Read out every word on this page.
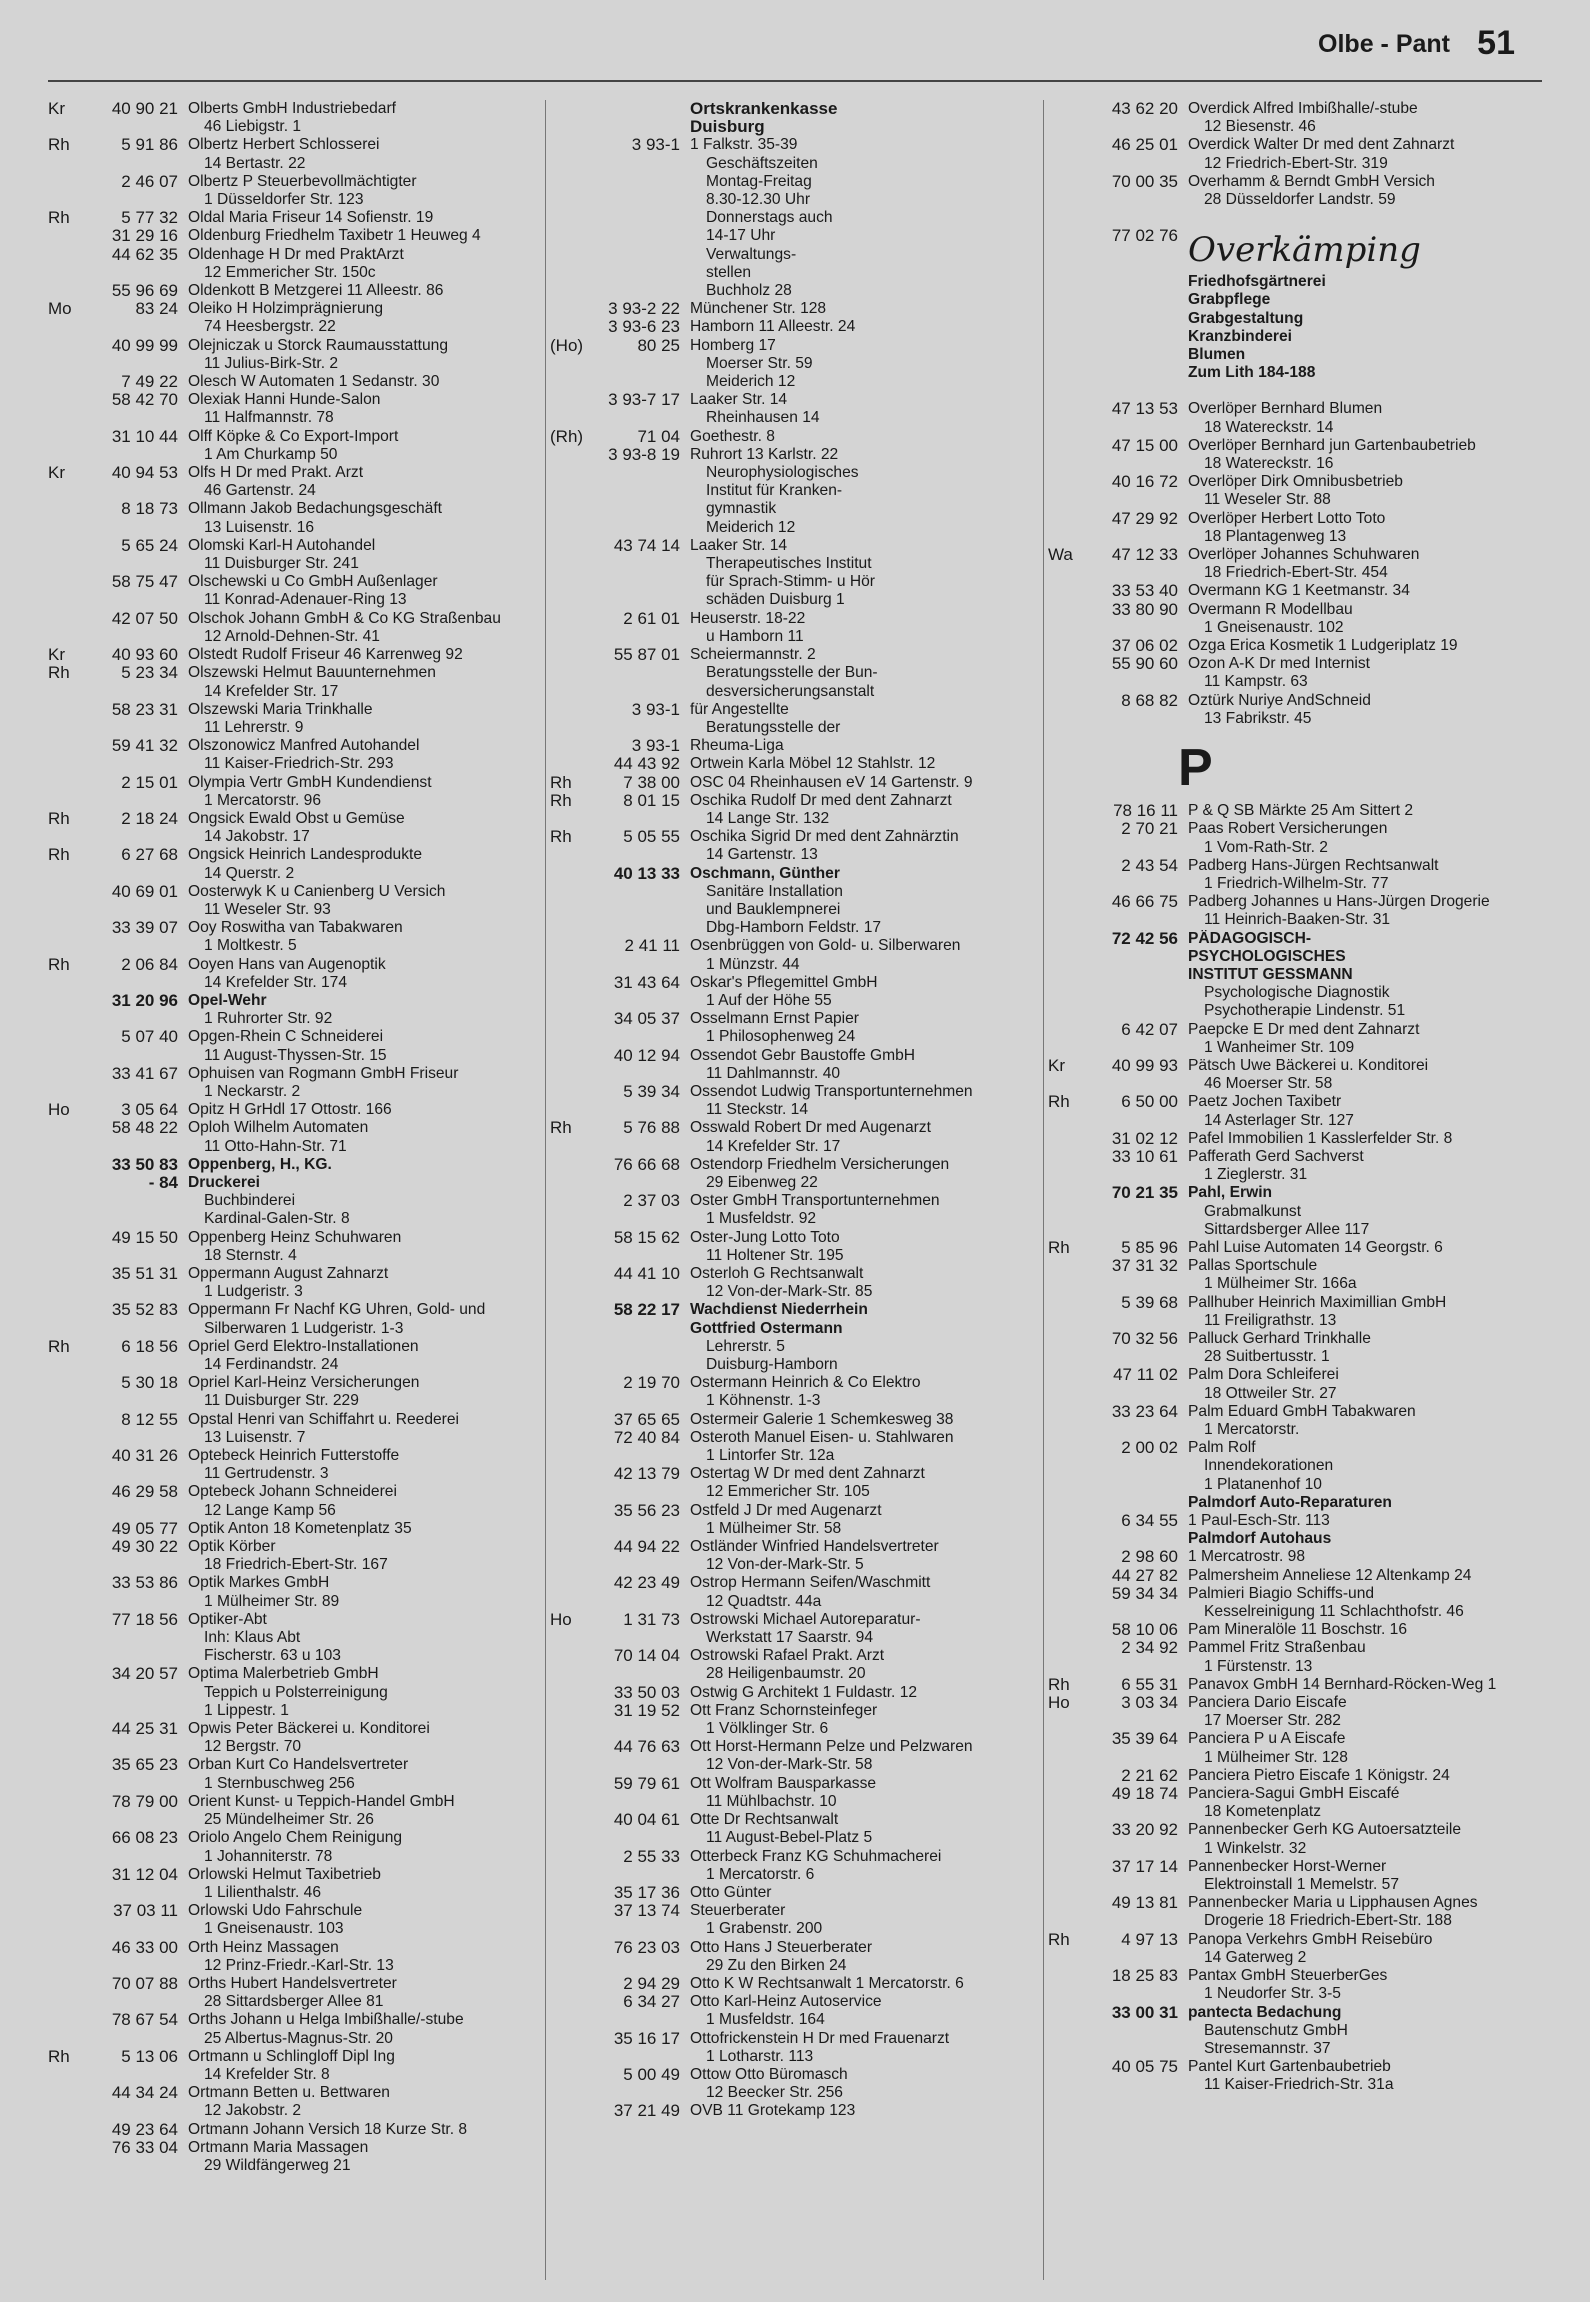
Olbe - Pant 51
Kr	40 90 21 Olberts GmbH Industriebedarf
46 Liebigstr. 1
Rh	5 91 86 Olbertz Herbert Schlosserei
14 Bertastr. 22
2 46 07 Olbertz P Steuerbevollmächtigter
1 Düsseldorfer Str. 123
Rh	5 77 32 Oldal Maria Friseur 14 Sofienstr. 19
31 29 16 Oldenburg Friedhelm Taxibetr 1 Heuweg 4
44 62 35 Oldenhage H Dr med PraktArzt
12 Emmericher Str. 150c
55 96 69 Oldenkott B Metzgerei 11 Alleestr. 86
Mo	83 24 Oleiko H Holzimprägnierung
74 Heesbergstr. 22
40 99 99 Olejniczak u Storck Raumausstattung
11 Julius-Birk-Str. 2
7 49 22 Olesch W Automaten 1 Sedanstr. 30
58 42 70 Olexiak Hanni Hunde-Salon
11 Halfmannstr. 78
31 10 44 Olff Köpke & Co Export-Import
1 Am Churkamp 50
Kr	40 94 53 Olfs H Dr med Prakt. Arzt
46 Gartenstr. 24
8 18 73 Ollmann Jakob Bedachungsgeschäft
13 Luisenstr. 16
5 65 24 Olomski Karl-H Autohandel
11 Duisburger Str. 241
58 75 47 Olschewski u Co GmbH Außenlager
11 Konrad-Adenauer-Ring 13
42 07 50 Olschok Johann GmbH & Co KG Straßenbau
12 Arnold-Dehnen-Str. 41
Kr	40 93 60 Olstedt Rudolf Friseur 46 Karrenweg 92
Rh	5 23 34 Olszewski Helmut Bauunternehmen
14 Krefelder Str. 17
58 23 31 Olszewski Maria Trinkhalle
11 Lehrerstr. 9
59 41 32 Olszonowicz Manfred Autohandel
11 Kaiser-Friedrich-Str. 293
2 15 01 Olympia Vertr GmbH Kundendienst
1 Mercatorstr. 96
Rh	2 18 24 Ongsick Ewald Obst u Gemüse
14 Jakobstr. 17
Rh	6 27 68 Ongsick Heinrich Landesprodukte
14 Querstr. 2
40 69 01 Oosterwyk K u Canienberg U Versich
11 Weseler Str. 93
33 39 07 Ooy Roswitha van Tabakwaren
1 Moltkestr. 5
Rh	2 06 84 Ooyen Hans van Augenoptik
14 Krefelder Str. 174
31 20 96 Opel-Wehr
1 Ruhrorter Str. 92
5 07 40 Opgen-Rhein C Schneiderei
11 August-Thyssen-Str. 15
33 41 67 Ophuisen van Rogmann GmbH Friseur
1 Neckarstr. 2
Ho	3 05 64 Opitz H GrHdl 17 Ottostr. 166
58 48 22 Oploh Wilhelm Automaten
11 Otto-Hahn-Str. 71
33 50 83 Oppenberg, H., KG.
- 84 Druckerei
Buchbinderei
Kardinal-Galen-Str. 8
49 15 50 Oppenberg Heinz Schuhwaren
18 Sternstr. 4
35 51 31 Oppermann August Zahnarzt
1 Ludgeristr. 3
35 52 83 Oppermann Fr Nachf KG Uhren, Gold- und
Silberwaren 1 Ludgeristr. 1-3
Rh	6 18 56 Opriel Gerd Elektro-Installationen
14 Ferdinandstr. 24
5 30 18 Opriel Karl-Heinz Versicherungen
11 Duisburger Str. 229
8 12 55 Opstal Henri van Schiffahrt u. Reederei
13 Luisenstr. 7
40 31 26 Optebeck Heinrich Futterstoffe
11 Gertrudenstr. 3
46 29 58 Optebeck Johann Schneiderei
12 Lange Kamp 56
49 05 77 Optik Anton 18 Kometenplatz 35
49 30 22 Optik Körber
18 Friedrich-Ebert-Str. 167
33 53 86 Optik Markes GmbH
1 Mülheimer Str. 89
77 18 56 Optiker-Abt
Inh: Klaus Abt
Fischerstr. 63 u 103
34 20 57 Optima Malerbetrieb GmbH
Teppich u Polsterreinigung
1 Lippestr. 1
44 25 31 Opwis Peter Bäckerei u. Konditorei
12 Bergstr. 70
35 65 23 Orban Kurt Co Handelsvertreter
1 Sternbuschweg 256
78 79 00 Orient Kunst- u Teppich-Handel GmbH
25 Mündelheimer Str. 26
66 08 23 Oriolo Angelo Chem Reinigung
1 Johanniterstr. 78
31 12 04 Orlowski Helmut Taxibetrieb
1 Lilienthalstr. 46
37 03 11 Orlowski Udo Fahrschule
1 Gneisenaustr. 103
46 33 00 Orth Heinz Massagen
12 Prinz-Friedr.-Karl-Str. 13
70 07 88 Orths Hubert Handelsvertreter
28 Sittardsberger Allee 81
78 67 54 Orths Johann u Helga Imbißhalle/-stube
25 Albertus-Magnus-Str. 20
Rh	5 13 06 Ortmann u Schlingloff Dipl Ing
14 Krefelder Str. 8
44 34 24 Ortmann Betten u. Bettwaren
12 Jakobstr. 2
49 23 64 Ortmann Johann Versich 18 Kurze Str. 8
76 33 04 Ortmann Maria Massagen
29 Wildfängerweg 21
Ortskrankenkasse
Duisburg
3 93-1 1 Falkstr. 35-39
Geschäftszeiten
Montag-Freitag
8.30-12.30 Uhr
Donnerstags auch
14-17 Uhr
Verwaltungs-
stellen
Buchholz 28
3 93-2 22 Münchener Str. 128
3 93-6 23 Hamborn 11 Alleestr. 24
(Ho)	80 25 Homberg 17
Moerser Str. 59
Meiderich 12
3 93-7 17 Laaker Str. 14
Rheinhausen 14
(Rh)	71 04 Goethestr. 8
3 93-8 19 Ruhrort 13 Karlstr. 22
Neurophysiologisches
Institut für Kranken-
gymnastik
Meiderich 12
43 74 14 Laaker Str. 14
Therapeutisches Institut
für Sprach-Stimm- u Hör
schäden Duisburg 1
2 61 01 Heuserstr. 18-22
u Hamborn 11
55 87 01 Scheiermannstr. 2
Beratungsstelle der Bun-
desversicherungsanstalt
3 93-1 für Angestellte
Beratungsstelle der
3 93-1 Rheuma-Liga
44 43 92 Ortwein Karla Möbel 12 Stahlstr. 12
Rh	7 38 00 OSC 04 Rheinhausen eV 14 Gartenstr. 9
Rh	8 01 15 Oschika Rudolf Dr med dent Zahnarzt
14 Lange Str. 132
Rh	5 05 55 Oschika Sigrid Dr med dent Zahnärztin
14 Gartenstr. 13
40 13 33 Oschmann, Günther
Sanitäre Installation
und Bauklempnerei
Dbg-Hamborn Feldstr. 17
2 41 11 Osenbrüggen von Gold- u. Silberwaren
1 Münzstr. 44
31 43 64 Oskar's Pflegemittel GmbH
1 Auf der Höhe 55
34 05 37 Osselmann Ernst Papier
1 Philosophenweg 24
40 12 94 Ossendot Gebr Baustoffe GmbH
11 Dahlmannstr. 40
5 39 34 Ossendot Ludwig Transportunternehmen
11 Steckstr. 14
Rh	5 76 88 Osswald Robert Dr med Augenarzt
14 Krefelder Str. 17
76 66 68 Ostendorp Friedhelm Versicherungen
29 Eibenweg 22
2 37 03 Oster GmbH Transportunternehmen
1 Musfeldstr. 92
58 15 62 Oster-Jung Lotto Toto
11 Holtener Str. 195
44 41 10 Osterloh G Rechtsanwalt
12 Von-der-Mark-Str. 85
58 22 17 Wachdienst Niederrhein
Gottfried Ostermann
Lehrerstr. 5
Duisburg-Hamborn
2 19 70 Ostermann Heinrich & Co Elektro
1 Köhnenstr. 1-3
37 65 65 Ostermeir Galerie 1 Schemkesweg 38
72 40 84 Osteroth Manuel Eisen- u. Stahlwaren
1 Lintorfer Str. 12a
42 13 79 Ostertag W Dr med dent Zahnarzt
12 Emmericher Str. 105
35 56 23 Ostfeld J Dr med Augenarzt
1 Mülheimer Str. 58
44 94 22 Ostländer Winfried Handelsvertreter
12 Von-der-Mark-Str. 5
42 23 49 Ostrop Hermann Seifen/Waschmitt
12 Quadtstr. 44a
Ho	1 31 73 Ostrowski Michael Autoreparatur-
Werkstatt 17 Saarstr. 94
70 14 04 Ostrowski Rafael Prakt. Arzt
28 Heiligenbaumstr. 20
33 50 03 Ostwig G Architekt 1 Fuldastr. 12
31 19 52 Ott Franz Schornsteinfeger
1 Völklinger Str. 6
44 76 63 Ott Horst-Hermann Pelze und Pelzwaren
12 Von-der-Mark-Str. 58
59 79 61 Ott Wolfram Bausparkasse
11 Mühlbachstr. 10
40 04 61 Otte Dr Rechtsanwalt
11 August-Bebel-Platz 5
2 55 33 Otterbeck Franz KG Schuhmacherei
1 Mercatorstr. 6
35 17 36 Otto Günter
37 13 74 Steuerberater
1 Grabenstr. 200
76 23 03 Otto Hans J Steuerberater
29 Zu den Birken 24
2 94 29 Otto K W Rechtsanwalt 1 Mercatorstr. 6
6 34 27 Otto Karl-Heinz Autoservice
1 Musfeldstr. 164
35 16 17 Ottofrickenstein H Dr med Frauenarzt
1 Lotharstr. 113
5 00 49 Ottow Otto Büromasch
12 Beecker Str. 256
37 21 49 OVB 11 Grotekamp 123
43 62 20 Overdick Alfred Imbißhalle/-stube
12 Biesenstr. 46
46 25 01 Overdick Walter Dr med dent Zahnarzt
12 Friedrich-Ebert-Str. 319
70 00 35 Overhamm & Berndt GmbH Versich
28 Düsseldorfer Landstr. 59
77 02 76 Overkämping
Friedhofsgärtnerei
Grabpflege
Grabgestaltung
Kranzbinderei
Blumen
Zum Lith 184-188
47 13 53 Overlöper Bernhard Blumen
18 Watereckstr. 14
47 15 00 Overlöper Bernhard jun Gartenbaubetrieb
18 Watereckstr. 16
40 16 72 Overlöper Dirk Omnibusbetrieb
11 Weseler Str. 88
47 29 92 Overlöper Herbert Lotto Toto
18 Plantagenweg 13
Wa	47 12 33 Overlöper Johannes Schuhwaren
18 Friedrich-Ebert-Str. 454
33 53 40 Overmann KG 1 Keetmanstr. 34
33 80 90 Overmann R Modellbau
1 Gneisenaustr. 102
37 06 02 Ozga Erica Kosmetik 1 Ludgeriplatz 19
55 90 60 Ozon A-K Dr med Internist
11 Kampstr. 63
8 68 82 Oztürk Nuriye AndSchneid
13 Fabrikstr. 45
P
78 16 11 P & Q SB Märkte 25 Am Sittert 2
2 70 21 Paas Robert Versicherungen
1 Vom-Rath-Str. 2
2 43 54 Padberg Hans-Jürgen Rechtsanwalt
1 Friedrich-Wilhelm-Str. 77
46 66 75 Padberg Johannes u Hans-Jürgen Drogerie
11 Heinrich-Baaken-Str. 31
72 42 56 PÄDAGOGISCH-
PSYCHOLOGISCHES
INSTITUT GESSMANN
Psychologische Diagnostik
Psychotherapie Lindenstr. 51
6 42 07 Paepcke E Dr med dent Zahnarzt
1 Wanheimer Str. 109
Kr	40 99 93 Pätsch Uwe Bäckerei u. Konditorei
46 Moerser Str. 58
Rh	6 50 00 Paetz Jochen Taxibetr
14 Asterlager Str. 127
31 02 12 Pafel Immobilien 1 Kasslerfelder Str. 8
33 10 61 Pafferath Gerd Sachverst
1 Zieglerstr. 31
70 21 35 Pahl, Erwin
Grabmalkunst
Sittardsberger Allee 117
Rh	5 85 96 Pahl Luise Automaten 14 Georgstr. 6
37 31 32 Pallas Sportschule
1 Mülheimer Str. 166a
5 39 68 Pallhuber Heinrich Maximillian GmbH
11 Freiligrathstr. 13
70 32 56 Palluck Gerhard Trinkhalle
28 Suitbertusstr. 1
47 11 02 Palm Dora Schleiferei
18 Ottweiler Str. 27
33 23 64 Palm Eduard GmbH Tabakwaren
1 Mercatorstr.
2 00 02 Palm Rolf
Innendekorationen
1 Platanenhof 10
Palmdorf Auto-Reparaturen
6 34 55 1 Paul-Esch-Str. 113
Palmdorf Autohaus
2 98 60 1 Mercatrostr. 98
44 27 82 Palmersheim Anneliese 12 Altenkamp 24
59 34 34 Palmieri Biagio Schiffs-und
Kesselreinigung 11 Schlachthofstr. 46
58 10 06 Pam Mineralöle 11 Boschstr. 16
2 34 92 Pammel Fritz Straßenbau
1 Fürstenstr. 13
Rh	6 55 31 Panavox GmbH 14 Bernhard-Röcken-Weg 1
Ho	3 03 34 Panciera Dario Eiscafe
17 Moerser Str. 282
35 39 64 Panciera P u A Eiscafe
1 Mülheimer Str. 128
2 21 62 Panciera Pietro Eiscafe 1 Königstr. 24
49 18 74 Panciera-Sagui GmbH Eiscafé
18 Kometenplatz
33 20 92 Pannenbecker Gerh KG Autoersatzteile
1 Winkelstr. 32
37 17 14 Pannenbecker Horst-Werner
Elektroinstall 1 Memelstr. 57
49 13 81 Pannenbecker Maria u Lipphausen Agnes
Drogerie 18 Friedrich-Ebert-Str. 188
Rh	4 97 13 Panopa Verkehrs GmbH Reisebüro
14 Gaterweg 2
18 25 83 Pantax GmbH SteuerberGes
1 Neudorfer Str. 3-5
33 00 31 pantecta Bedachung
Bautenschutz GmbH
Stresemannstr. 37
40 05 75 Pantel Kurt Gartenbaubetrieb
11 Kaiser-Friedrich-Str. 31a
